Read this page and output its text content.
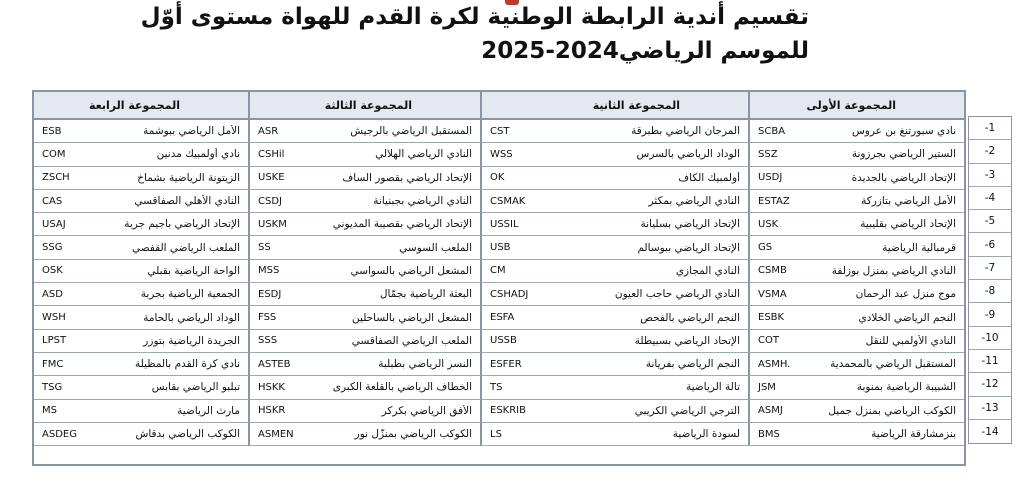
تقسيم أندية الرابطة الوطنية لكرة القدم للهواة مستوى أوّل
للموسم الرياضي2024-2025
-1
-2
-3
-4
-5
-6
-7
-8
-9
-10
-11
-12
-13
-14
المجموعة الأولى
المجموعة الثانية
المجموعة الثالثة
المجموعة الرابعة
نادي سبورتنغ بن عروس
SCBA
المرجان الرياضي بطبرقة
CST
المستقبل الرياضي بالرجيش
ASR
الأمل الرياضي ببوشمة
ESB
الستير الرياضي بجرزونة
SSZ
الوداد الرياضي بالسرس
WSS
النادي الرياضي الهلالي
CSHil
نادي أولمبيك مدنين
COM
الإتحاد الرياضي بالجديدة
USDJ
أولمبيك الكاف
OK
الإتحاد الرياضي بقصور الساف
USKE
الزيتونة الرياضية بشماخ
ZSCH
الأمل الرياضي بتازركة
ESTAZ
النادي الرياضي بمكثر
CSMAK
النادي الرياضي بجبنيانة
CSDJ
النادي الأهلي الصفاقسي
CAS
الإتحاد الرياضي بقليبية
USK
الإتحاد الرياضي بسليانة
USSIL
الإتحاد الرياضي بقصيبة المديوني
USKM
الإتحاد الرياضي بأجيم جربة
USAJ
قرمبالية الرياضية
GS
الإتحاد الرياضي ببوسالم
USB
الملعب السوسي
SS
الملعب الرياضي القفصي
SSG
النادي الرياضي بمنزل بوزلفة
CSMB
النادي المجازي
CM
المشعل الرياضي بالسواسي
MSS
الواحة الرياضية بقبلي
OSK
موج منزل عبد الرحمان
VSMA
النادي الرياضي حاجب العيون
CSHADJ
البعثة الرياضية بجمّال
ESDJ
الجمعية الرياضية بجربة
ASD
النجم الرياضي الخلادي
ESBK
النجم الرياضي بالفحص
ESFA
المشعل الرياضي بالساحلين
FSS
الوداد الرياضي بالحامة
WSH
النادي الأولمبي للنقل
COT
الإتحاد الرياضي بسبيطلة
USSB
الملعب الرياضي الصفاقسي
SSS
الجريدة الرياضية بتوزر
LPST
المستقبل الرياضي بالمحمدية
ASMH.
النجم الرياضي بفريانة
ESFER
النسر الرياضي بطبلبة
ASTEB
نادي كرة القدم بالمظيلة
FMC
الشبيبة الرياضية بمنوبة
JSM
تالة الرياضية
TS
الخطاف الرياضي بالقلعة الكبرى
HSKK
تبلبو الرياضي بقابس
TSG
الكوكب الرياضي بمنزل جميل
ASMJ
الترجي الرياضي الكريبي
ESKRIB
الأفق الرياضي بكركر
HSKR
مارث الرياضية
MS
بنزمشارقة الرياضية
BMS
لسودة الرياضية
LS
الكوكب الرياضي بمنزّل نور
ASMEN
الكوكب الرياضي بدقاش
ASDEG
